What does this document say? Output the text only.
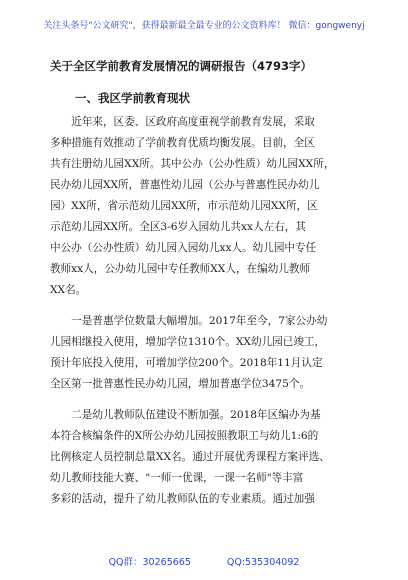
关注头条号"公文研究"，获得最新最全最专业的公文资料库！ 微信：gongwenyj
关于全区学前教育发展情况的调研报告（4793字）
一、我区学前教育现状

　　近年来，区委、区政府高度重视学前教育发展，采取
多种措施有效推动了学前教育优质均衡发展。目前，全区
共有注册幼儿园XX所。其中公办（公办性质）幼儿园XX所，
民办幼儿园XX所，普惠性幼儿园（公办与普惠性民办幼儿
园）XX所，省示范幼儿园XX所，市示范幼儿园XX所，区
示范幼儿园XX所。全区3-6岁入园幼儿共xx人左右，其
中公办（公办性质）幼儿园入园幼儿xx人。幼儿园中专任
教师xx人，公办幼儿园中专任教师XX人，在编幼儿教师
XX名。

　　一是普惠学位数量大幅增加。2017年至今，7家公办幼
儿园相继投入使用，增加学位1310个。XX幼儿园已竣工，
预计年底投入使用，可增加学位200个。2018年11月认定
全区第一批普惠性民办幼儿园，增加普惠学位3475个。

　　二是幼儿教师队伍建设不断加强。2018年区编办为基
本符合核编条件的X所公办幼儿园按照教职工与幼儿1:6的
比例核定人员控制总量XX名。通过开展优秀课程方案评选、
幼儿教师技能大赛、"一师一优课，一课一名师"等丰富
多彩的活动，提升了幼儿教师队伍的专业素质。通过加强

QQ群：30265665	QQ:535304092
